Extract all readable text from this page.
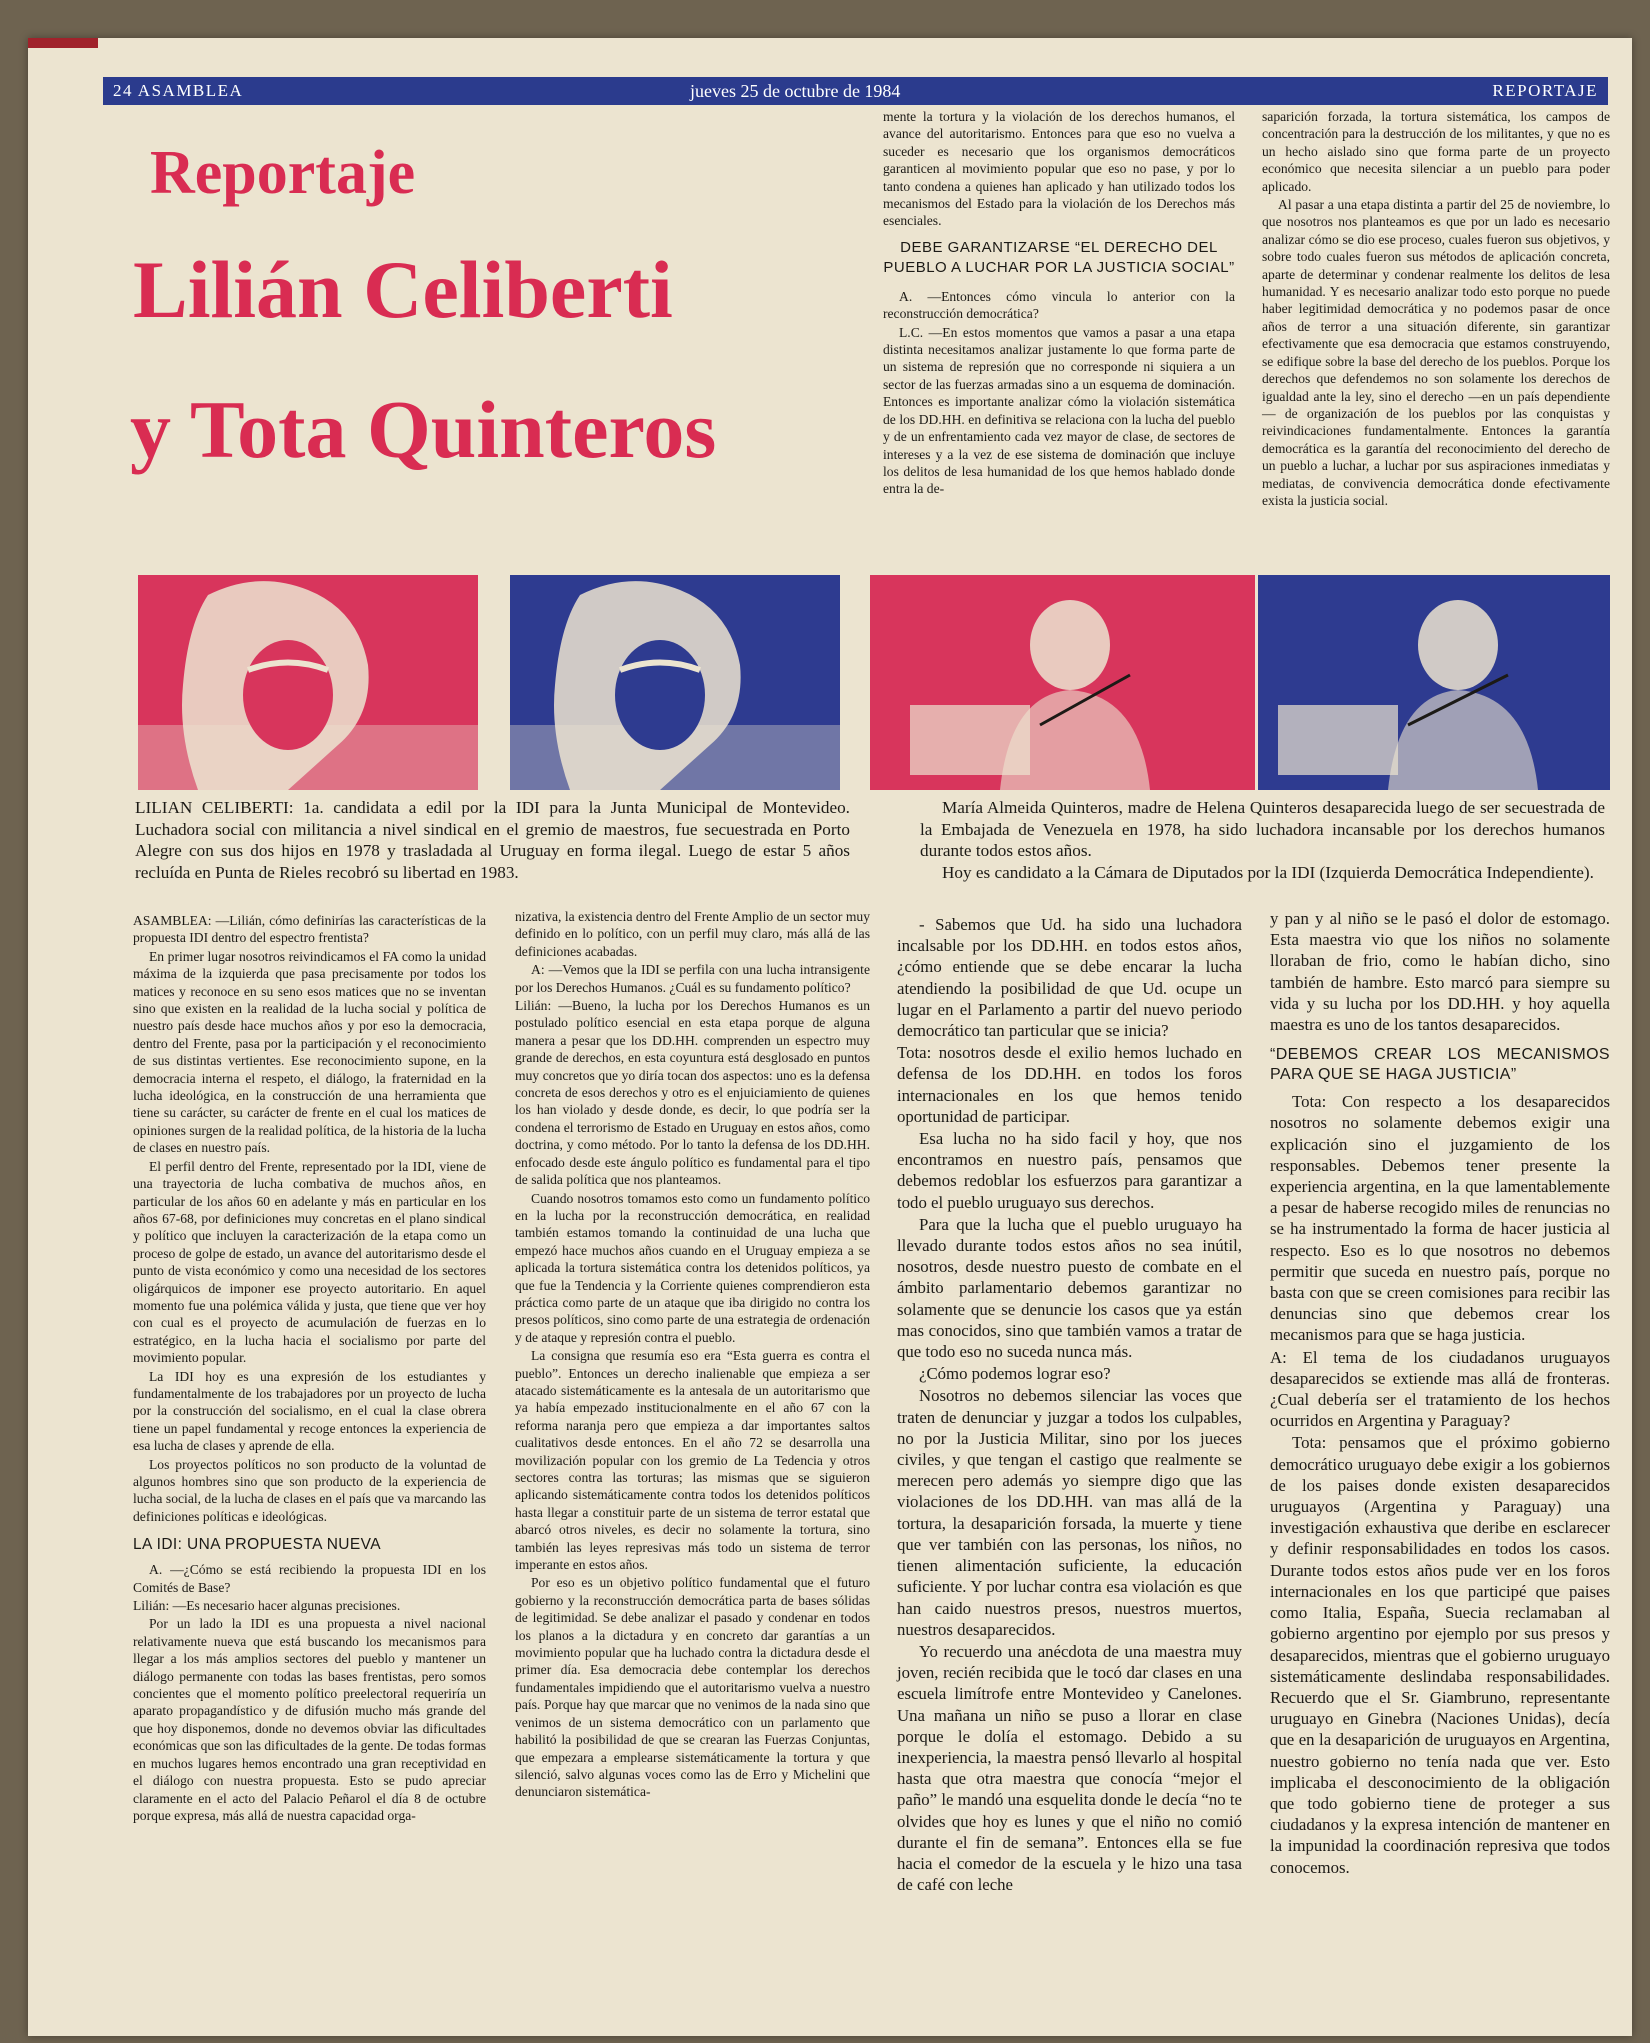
24 ASAMBLEA	jueves 25 de octubre de 1984	REPORTAJE
Reportaje
Lilián Celiberti
y Tota Quinteros

mente la tortura y la violación de los derechos humanos, el avance del autoritarismo. Entonces para que eso no vuelva a suceder es necesario que los organismos democráticos garanticen al movimiento popular que eso no pase, y por lo tanto condena a quienes han aplicado y han utilizado todos los mecanismos del Estado para la violación de los Derechos más esenciales.

DEBE GARANTIZARSE “EL DERECHO DEL PUEBLO A LUCHAR POR LA JUSTICIA SOCIAL”

A. —Entonces cómo vincula lo anterior con la reconstrucción democrática?

L.C. —En estos momentos que vamos a pasar a una etapa distinta necesitamos analizar justamente lo que forma parte de un sistema de represión que no corresponde ni siquiera a un sector de las fuerzas armadas sino a un esquema de dominación. Entonces es importante analizar cómo la violación sistemática de los DD.HH. en definitiva se relaciona con la lucha del pueblo y de un enfrentamiento cada vez mayor de clase, de sectores de intereses y a la vez de ese sistema de dominación que incluye los delitos de lesa humanidad de los que hemos hablado donde entra la de-

saparición forzada, la tortura sistemática, los campos de concentración para la destrucción de los militantes, y que no es un hecho aislado sino que forma parte de un proyecto económico que necesita silenciar a un pueblo para poder aplicado.

Al pasar a una etapa distinta a partir del 25 de noviembre, lo que nosotros nos planteamos es que por un lado es necesario analizar cómo se dio ese proceso, cuales fueron sus objetivos, y sobre todo cuales fueron sus métodos de aplicación concreta, aparte de determinar y condenar realmente los delitos de lesa humanidad. Y es necesario analizar todo esto porque no puede haber legitimidad democrática y no podemos pasar de once años de terror a una situación diferente, sin garantizar efectivamente que esa democracia que estamos construyendo, se edifique sobre la base del derecho de los pueblos. Porque los derechos que defendemos no son solamente los derechos de igualdad ante la ley, sino el derecho —en un país dependiente— de organización de los pueblos por las conquistas y reivindicaciones fundamentalmente. Entonces la garantía democrática es la garantía del reconocimiento del derecho de un pueblo a luchar, a luchar por sus aspiraciones inmediatas y mediatas, de convivencia democrática donde efectivamente exista la justicia social.

LILIAN CELIBERTI: 1a. candidata a edil por la IDI para la Junta Municipal de Montevideo. Luchadora social con militancia a nivel sindical en el gremio de maestros, fue secuestrada en Porto Alegre con sus dos hijos en 1978 y trasladada al Uruguay en forma ilegal. Luego de estar 5 años recluída en Punta de Rieles recobró su libertad en 1983.

María Almeida Quinteros, madre de Helena Quinteros desaparecida luego de ser secuestrada de la Embajada de Venezuela en 1978, ha sido luchadora incansable por los derechos humanos durante todos estos años.

Hoy es candidato a la Cámara de Diputados por la IDI (Izquierda Democrática Independiente).

ASAMBLEA: —Lilián, cómo definirías las características de la propuesta IDI dentro del espectro frentista?

En primer lugar nosotros reivindicamos el FA como la unidad máxima de la izquierda que pasa precisamente por todos los matices y reconoce en su seno esos matices que no se inventan sino que existen en la realidad de la lucha social y política de nuestro país desde hace muchos años y por eso la democracia, dentro del Frente, pasa por la participación y el reconocimiento de sus distintas vertientes. Ese reconocimiento supone, en la democracia interna el respeto, el diálogo, la fraternidad en la lucha ideológica, en la construcción de una herramienta que tiene su carácter, su carácter de frente en el cual los matices de opiniones surgen de la realidad política, de la historia de la lucha de clases en nuestro país.

El perfil dentro del Frente, representado por la IDI, viene de una trayectoria de lucha combativa de muchos años, en particular de los años 60 en adelante y más en particular en los años 67-68, por definiciones muy concretas en el plano sindical y político que incluyen la caracterización de la etapa como un proceso de golpe de estado, un avance del autoritarismo desde el punto de vista económico y como una necesidad de los sectores oligárquicos de imponer ese proyecto autoritario. En aquel momento fue una polémica válida y justa, que tiene que ver hoy con cual es el proyecto de acumulación de fuerzas en lo estratégico, en la lucha hacia el socialismo por parte del movimiento popular.

La IDI hoy es una expresión de los estudiantes y fundamentalmente de los trabajadores por un proyecto de lucha por la construcción del socialismo, en el cual la clase obrera tiene un papel fundamental y recoge entonces la experiencia de esa lucha de clases y aprende de ella.

Los proyectos políticos no son producto de la voluntad de algunos hombres sino que son producto de la experiencia de lucha social, de la lucha de clases en el país que va marcando las definiciones políticas e ideológicas.

LA IDI: UNA PROPUESTA NUEVA

A. —¿Cómo se está recibiendo la propuesta IDI en los Comités de Base?

Lilián: —Es necesario hacer algunas precisiones.

Por un lado la IDI es una propuesta a nivel nacional relativamente nueva que está buscando los mecanismos para llegar a los más amplios sectores del pueblo y mantener un diálogo permanente con todas las bases frentistas, pero somos concientes que el momento político preelectoral requeriría un aparato propagandístico y de difusión mucho más grande del que hoy disponemos, donde no devemos obviar las dificultades económicas que son las dificultades de la gente. De todas formas en muchos lugares hemos encontrado una gran receptividad en el diálogo con nuestra propuesta. Esto se pudo apreciar claramente en el acto del Palacio Peñarol el día 8 de octubre porque expresa, más allá de nuestra capacidad orga-

nizativa, la existencia dentro del Frente Amplio de un sector muy definido en lo político, con un perfil muy claro, más allá de las definiciones acabadas.

A: —Vemos que la IDI se perfila con una lucha intransigente por los Derechos Humanos. ¿Cuál es su fundamento político?

Lilián: —Bueno, la lucha por los Derechos Humanos es un postulado político esencial en esta etapa porque de alguna manera a pesar que los DD.HH. comprenden un espectro muy grande de derechos, en esta coyuntura está desglosado en puntos muy concretos que yo diría tocan dos aspectos: uno es la defensa concreta de esos derechos y otro es el enjuiciamiento de quienes los han violado y desde donde, es decir, lo que podría ser la condena el terrorismo de Estado en Uruguay en estos años, como doctrina, y como método. Por lo tanto la defensa de los DD.HH. enfocado desde este ángulo político es fundamental para el tipo de salida política que nos planteamos.

Cuando nosotros tomamos esto como un fundamento político en la lucha por la reconstrucción democrática, en realidad también estamos tomando la continuidad de una lucha que empezó hace muchos años cuando en el Uruguay empieza a se aplicada la tortura sistemática contra los detenidos políticos, ya que fue la Tendencia y la Corriente quienes comprendieron esta práctica como parte de un ataque que iba dirigido no contra los presos políticos, sino como parte de una estrategia de ordenación y de ataque y represión contra el pueblo.

La consigna que resumía eso era “Esta guerra es contra el pueblo”. Entonces un derecho inalienable que empieza a ser atacado sistemáticamente es la antesala de un autoritarismo que ya había empezado institucionalmente en el año 67 con la reforma naranja pero que empieza a dar importantes saltos cualitativos desde entonces. En el año 72 se desarrolla una movilización popular con los gremio de La Tedencia y otros sectores contra las torturas; las mismas que se siguieron aplicando sistemáticamente contra todos los detenidos políticos hasta llegar a constituir parte de un sistema de terror estatal que abarcó otros niveles, es decir no solamente la tortura, sino también las leyes represivas más todo un sistema de terror imperante en estos años.

Por eso es un objetivo político fundamental que el futuro gobierno y la reconstrucción democrática parta de bases sólidas de legitimidad. Se debe analizar el pasado y condenar en todos los planos a la dictadura y en concreto dar garantías a un movimiento popular que ha luchado contra la dictadura desde el primer día. Esa democracia debe contemplar los derechos fundamentales impidiendo que el autoritarismo vuelva a nuestro país. Porque hay que marcar que no venimos de la nada sino que venimos de un sistema democrático con un parlamento que habilitó la posibilidad de que se crearan las Fuerzas Conjuntas, que empezara a emplearse sistemáticamente la tortura y que silenció, salvo algunas voces como las de Erro y Michelini que denunciaron sistemática-

- Sabemos que Ud. ha sido una luchadora incalsable por los DD.HH. en todos estos años, ¿cómo entiende que se debe encarar la lucha atendiendo la posibilidad de que Ud. ocupe un lugar en el Parlamento a partir del nuevo periodo democrático tan particular que se inicia?

Tota: nosotros desde el exilio hemos luchado en defensa de los DD.HH. en todos los foros internacionales en los que hemos tenido oportunidad de participar.

Esa lucha no ha sido facil y hoy, que nos encontramos en nuestro país, pensamos que debemos redoblar los esfuerzos para garantizar a todo el pueblo uruguayo sus derechos.

Para que la lucha que el pueblo uruguayo ha llevado durante todos estos años no sea inútil, nosotros, desde nuestro puesto de combate en el ámbito parlamentario debemos garantizar no solamente que se denuncie los casos que ya están mas conocidos, sino que también vamos a tratar de que todo eso no suceda nunca más.

¿Cómo podemos lograr eso?

Nosotros no debemos silenciar las voces que traten de denunciar y juzgar a todos los culpables, no por la Justicia Militar, sino por los jueces civiles, y que tengan el castigo que realmente se merecen pero además yo siempre digo que las violaciones de los DD.HH. van mas allá de la tortura, la desaparición forsada, la muerte y tiene que ver también con las personas, los niños, no tienen alimentación suficiente, la educación suficiente. Y por luchar contra esa violación es que han caido nuestros presos, nuestros muertos, nuestros desaparecidos.

Yo recuerdo una anécdota de una maestra muy joven, recién recibida que le tocó dar clases en una escuela limítrofe entre Montevideo y Canelones. Una mañana un niño se puso a llorar en clase porque le dolía el estomago. Debido a su inexperiencia, la maestra pensó llevarlo al hospital hasta que otra maestra que conocía “mejor el paño” le mandó una esquelita donde le decía “no te olvides que hoy es lunes y que el niño no comió durante el fin de semana”. Entonces ella se fue hacia el comedor de la escuela y le hizo una tasa de café con leche

y pan y al niño se le pasó el dolor de estomago. Esta maestra vio que los niños no solamente lloraban de frio, como le habían dicho, sino también de hambre. Esto marcó para siempre su vida y su lucha por los DD.HH. y hoy aquella maestra es uno de los tantos desaparecidos.

“DEBEMOS CREAR LOS MECANISMOS PARA QUE SE HAGA JUSTICIA”

Tota: Con respecto a los desaparecidos nosotros no solamente debemos exigir una explicación sino el juzgamiento de los responsables. Debemos tener presente la experiencia argentina, en la que lamentablemente a pesar de haberse recogido miles de renuncias no se ha instrumentado la forma de hacer justicia al respecto. Eso es lo que nosotros no debemos permitir que suceda en nuestro país, porque no basta con que se creen comisiones para recibir las denuncias sino que debemos crear los mecanismos para que se haga justicia.

A: El tema de los ciudadanos uruguayos desaparecidos se extiende mas allá de fronteras. ¿Cual debería ser el tratamiento de los hechos ocurridos en Argentina y Paraguay?

Tota: pensamos que el próximo gobierno democrático uruguayo debe exigir a los gobiernos de los paises donde existen desaparecidos uruguayos (Argentina y Paraguay) una investigación exhaustiva que deribe en esclarecer y definir responsabilidades en todos los casos. Durante todos estos años pude ver en los foros internacionales en los que participé que paises como Italia, España, Suecia reclamaban al gobierno argentino por ejemplo por sus presos y desaparecidos, mientras que el gobierno uruguayo sistemáticamente deslindaba responsabilidades. Recuerdo que el Sr. Giambruno, representante uruguayo en Ginebra (Naciones Unidas), decía que en la desaparición de uruguayos en Argentina, nuestro gobierno no tenía nada que ver. Esto implicaba el desconocimiento de la obligación que todo gobierno tiene de proteger a sus ciudadanos y la expresa intención de mantener en la impunidad la coordinación represiva que todos conocemos.
